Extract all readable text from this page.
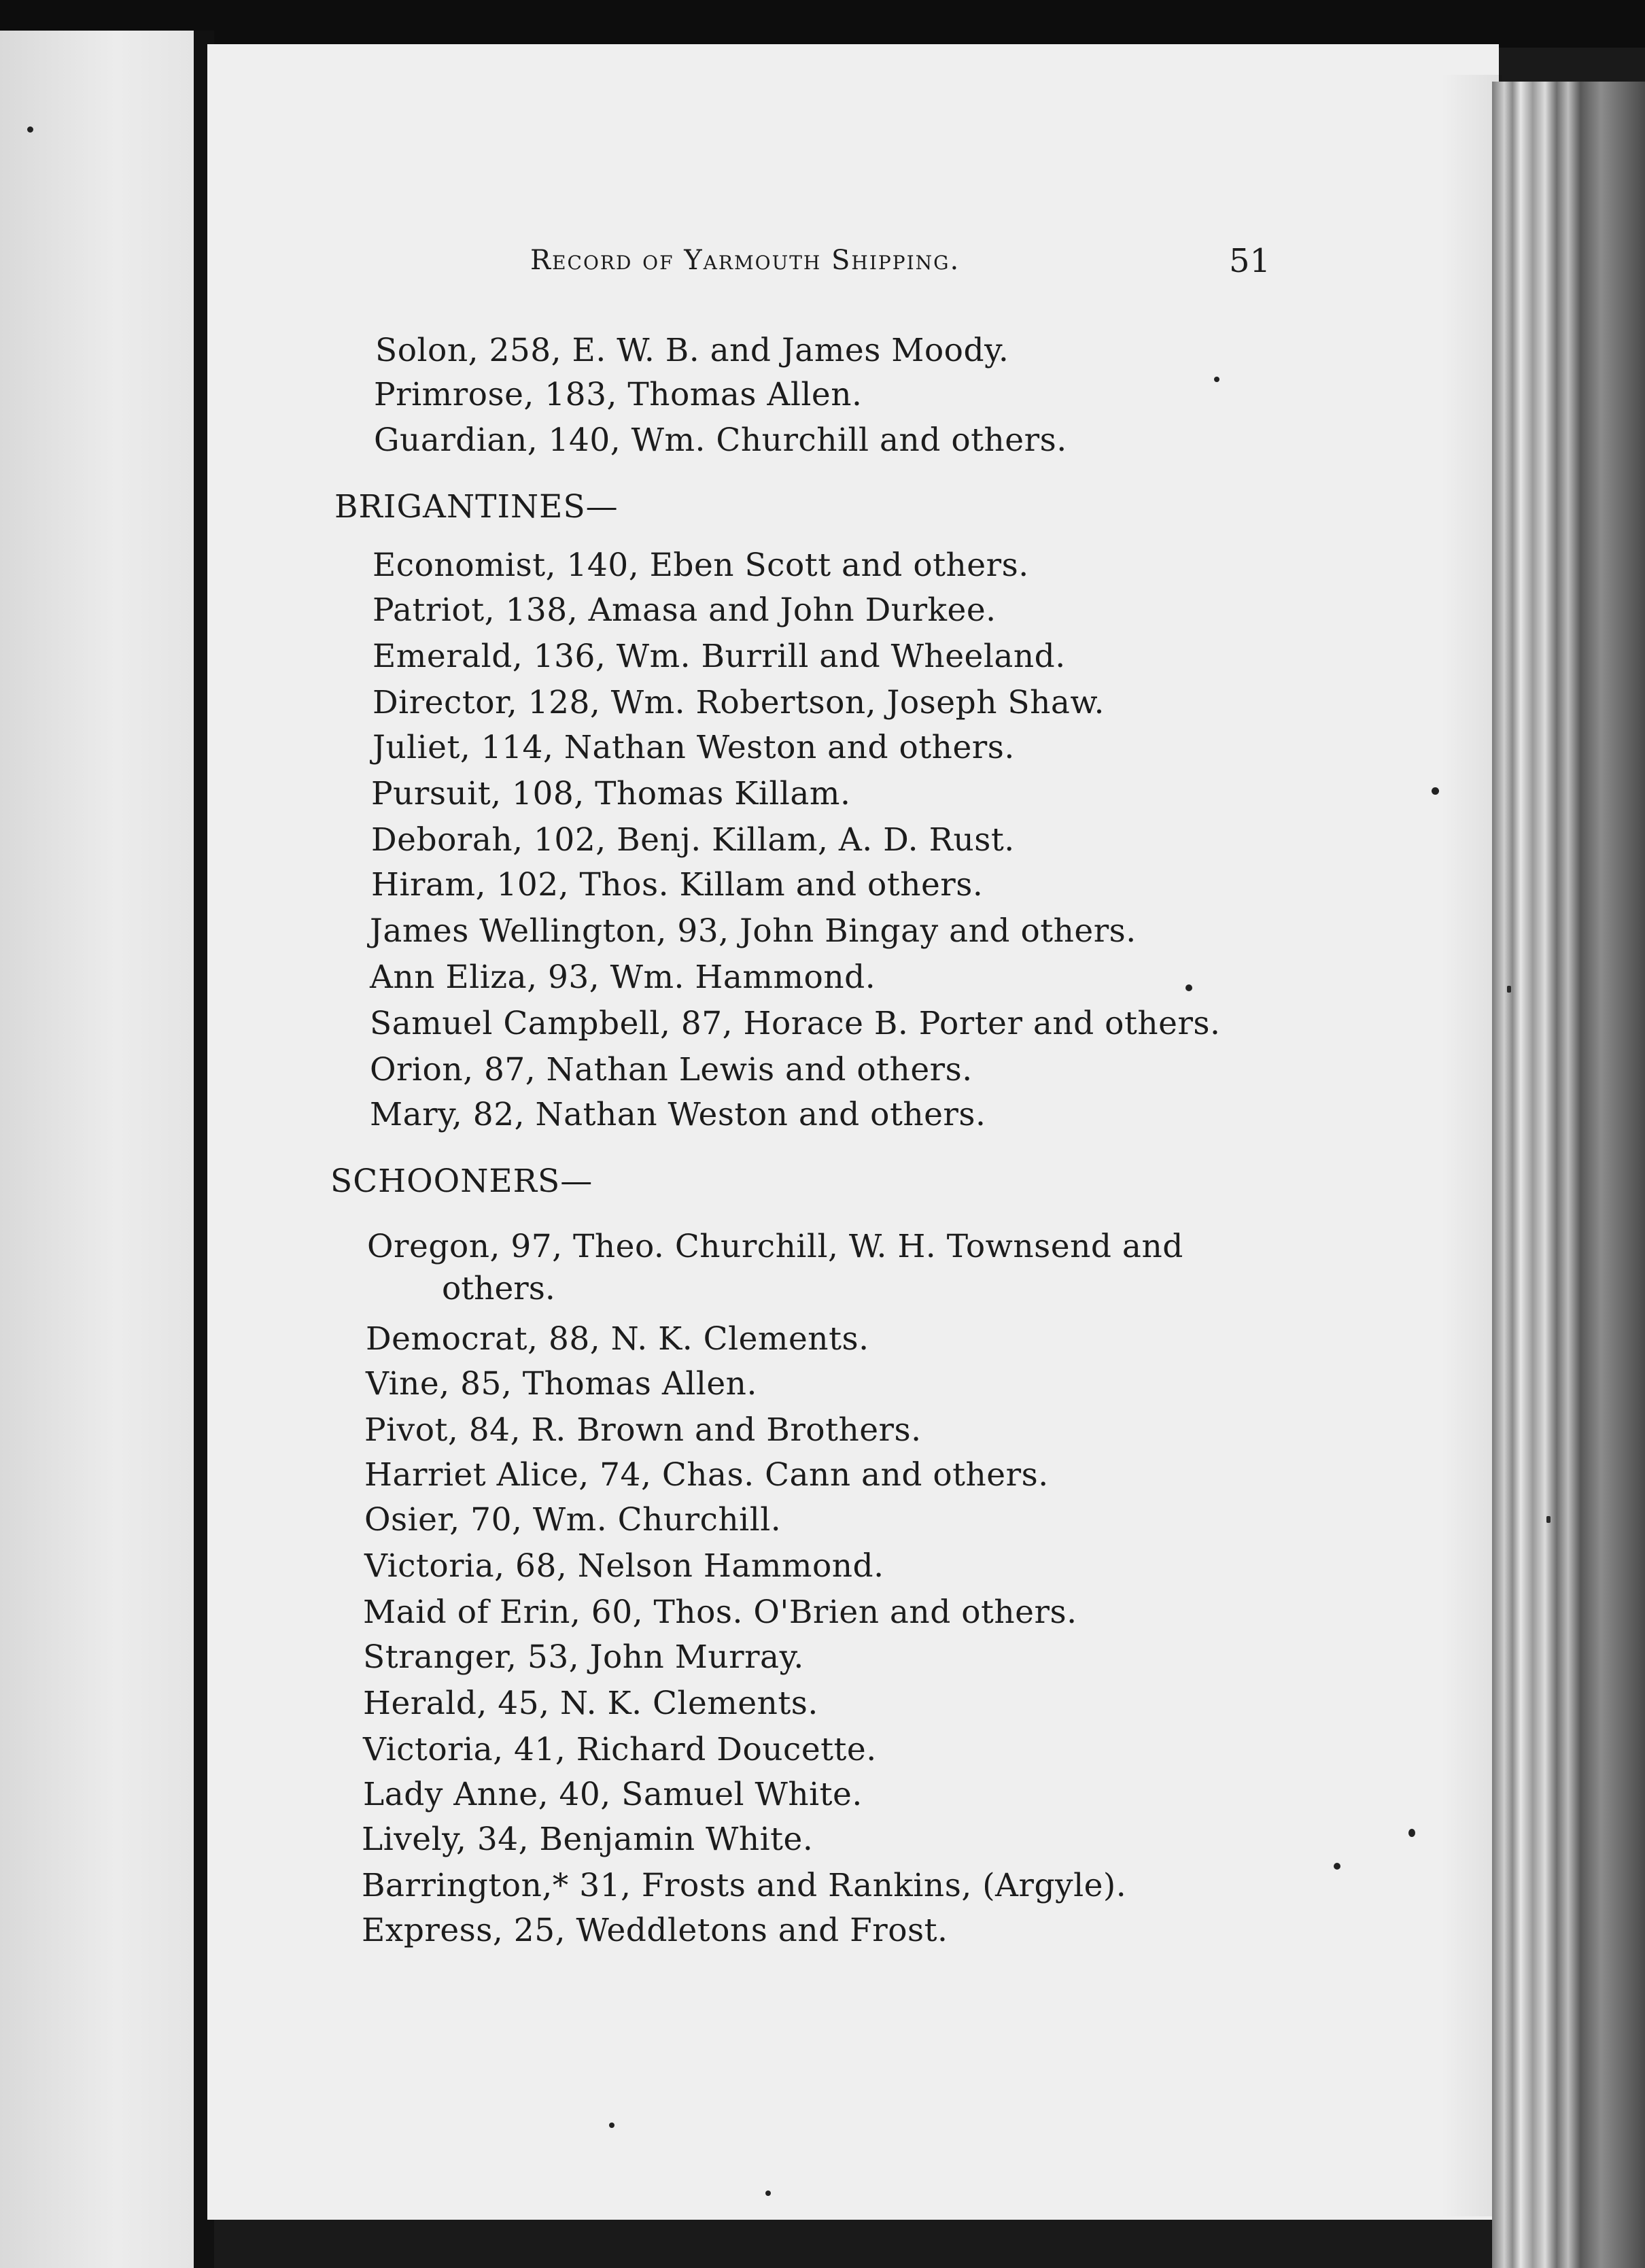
Record of Yarmouth Shipping.	51
Solon, 258, E. W. B. and James Moody.
Primrose, 183, Thomas Allen.
Guardian, 140, Wm. Churchill and others.
BRIGANTINES—
Economist, 140, Eben Scott and others.
Patriot, 138, Amasa and John Durkee.
Emerald, 136, Wm. Burrill and Wheeland.
Director, 128, Wm. Robertson, Joseph Shaw.
Juliet, 114, Nathan Weston and others.
Pursuit, 108, Thomas Killam.
Deborah, 102, Benj. Killam, A. D. Rust.
Hiram, 102, Thos. Killam and others.
James Wellington, 93, John Bingay and others.
Ann Eliza, 93, Wm. Hammond.
Samuel Campbell, 87, Horace B. Porter and others.
Orion, 87, Nathan Lewis and others.
Mary, 82, Nathan Weston and others.
SCHOONERS—
Oregon, 97, Theo. Churchill, W. H. Townsend and
others.
Democrat, 88, N. K. Clements.
Vine, 85, Thomas Allen.
Pivot, 84, R. Brown and Brothers.
Harriet Alice, 74, Chas. Cann and others.
Osier, 70, Wm. Churchill.
Victoria, 68, Nelson Hammond.
Maid of Erin, 60, Thos. O'Brien and others.
Stranger, 53, John Murray.
Herald, 45, N. K. Clements.
Victoria, 41, Richard Doucette.
Lady Anne, 40, Samuel White.
Lively, 34, Benjamin White.
Barrington,* 31, Frosts and Rankins, (Argyle).
Express, 25, Weddletons and Frost.
